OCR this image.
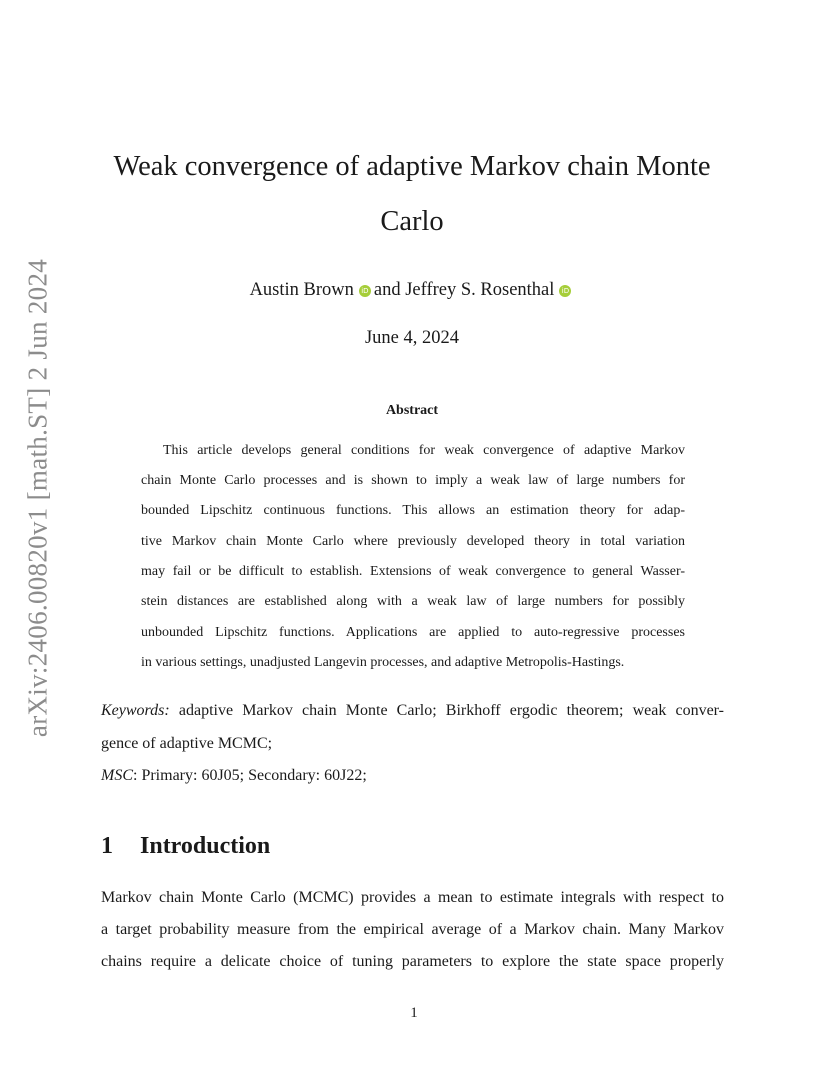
arXiv:2406.00820v1 [math.ST] 2 Jun 2024
Weak convergence of adaptive Markov chain Monte
Carlo
Austin Brown iD and Jeffrey S. Rosenthal iD
June 4, 2024
Abstract
This article develops general conditions for weak convergence of adaptive Markov
chain Monte Carlo processes and is shown to imply a weak law of large numbers for
bounded Lipschitz continuous functions. This allows an estimation theory for adap-
tive Markov chain Monte Carlo where previously developed theory in total variation
may fail or be difficult to establish. Extensions of weak convergence to general Wasser-
stein distances are established along with a weak law of large numbers for possibly
unbounded Lipschitz functions. Applications are applied to auto-regressive processes
in various settings, unadjusted Langevin processes, and adaptive Metropolis-Hastings.
Keywords: adaptive Markov chain Monte Carlo; Birkhoff ergodic theorem; weak conver-
gence of adaptive MCMC;
MSC: Primary: 60J05; Secondary: 60J22;
1 Introduction
Markov chain Monte Carlo (MCMC) provides a mean to estimate integrals with respect to
a target probability measure from the empirical average of a Markov chain. Many Markov
chains require a delicate choice of tuning parameters to explore the state space properly
1
